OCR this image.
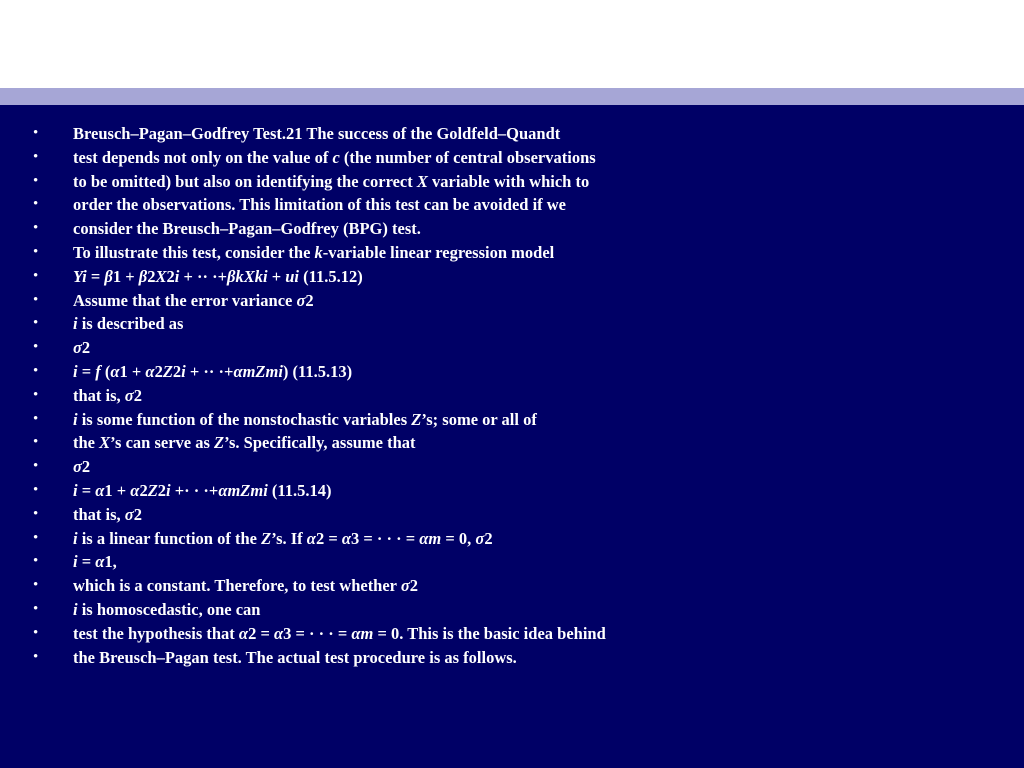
• Breusch–Pagan–Godfrey Test.21 The success of the Goldfeld–Quandt
• test depends not only on the value of c (the number of central observations
• to be omitted) but also on identifying the correct X variable with which to
• order the observations. This limitation of this test can be avoided if we
• consider the Breusch–Pagan–Godfrey (BPG) test.
• To illustrate this test, consider the k-variable linear regression model
• Yi = β1 + β2X2i + ·· ·+βkXki + ui (11.5.12)
• Assume that the error variance σ2
• i is described as
• σ2
• i = f (α1 + α2Z2i + ·· ·+αmZmi) (11.5.13)
• that is, σ2
• i is some function of the nonstochastic variables Z’s; some or all of
• the X’s can serve as Z’s. Specifically, assume that
• σ2
• i = α1 + α2Z2i +· · ·+αmZmi (11.5.14)
• that is, σ2
• i is a linear function of the Z’s. If α2 = α3 = · · · = αm = 0, σ2
• i = α1,
• which is a constant. Therefore, to test whether σ2
• i is homoscedastic, one can
• test the hypothesis that α2 = α3 = · · · = αm = 0. This is the basic idea behind
• the Breusch–Pagan test. The actual test procedure is as follows.
